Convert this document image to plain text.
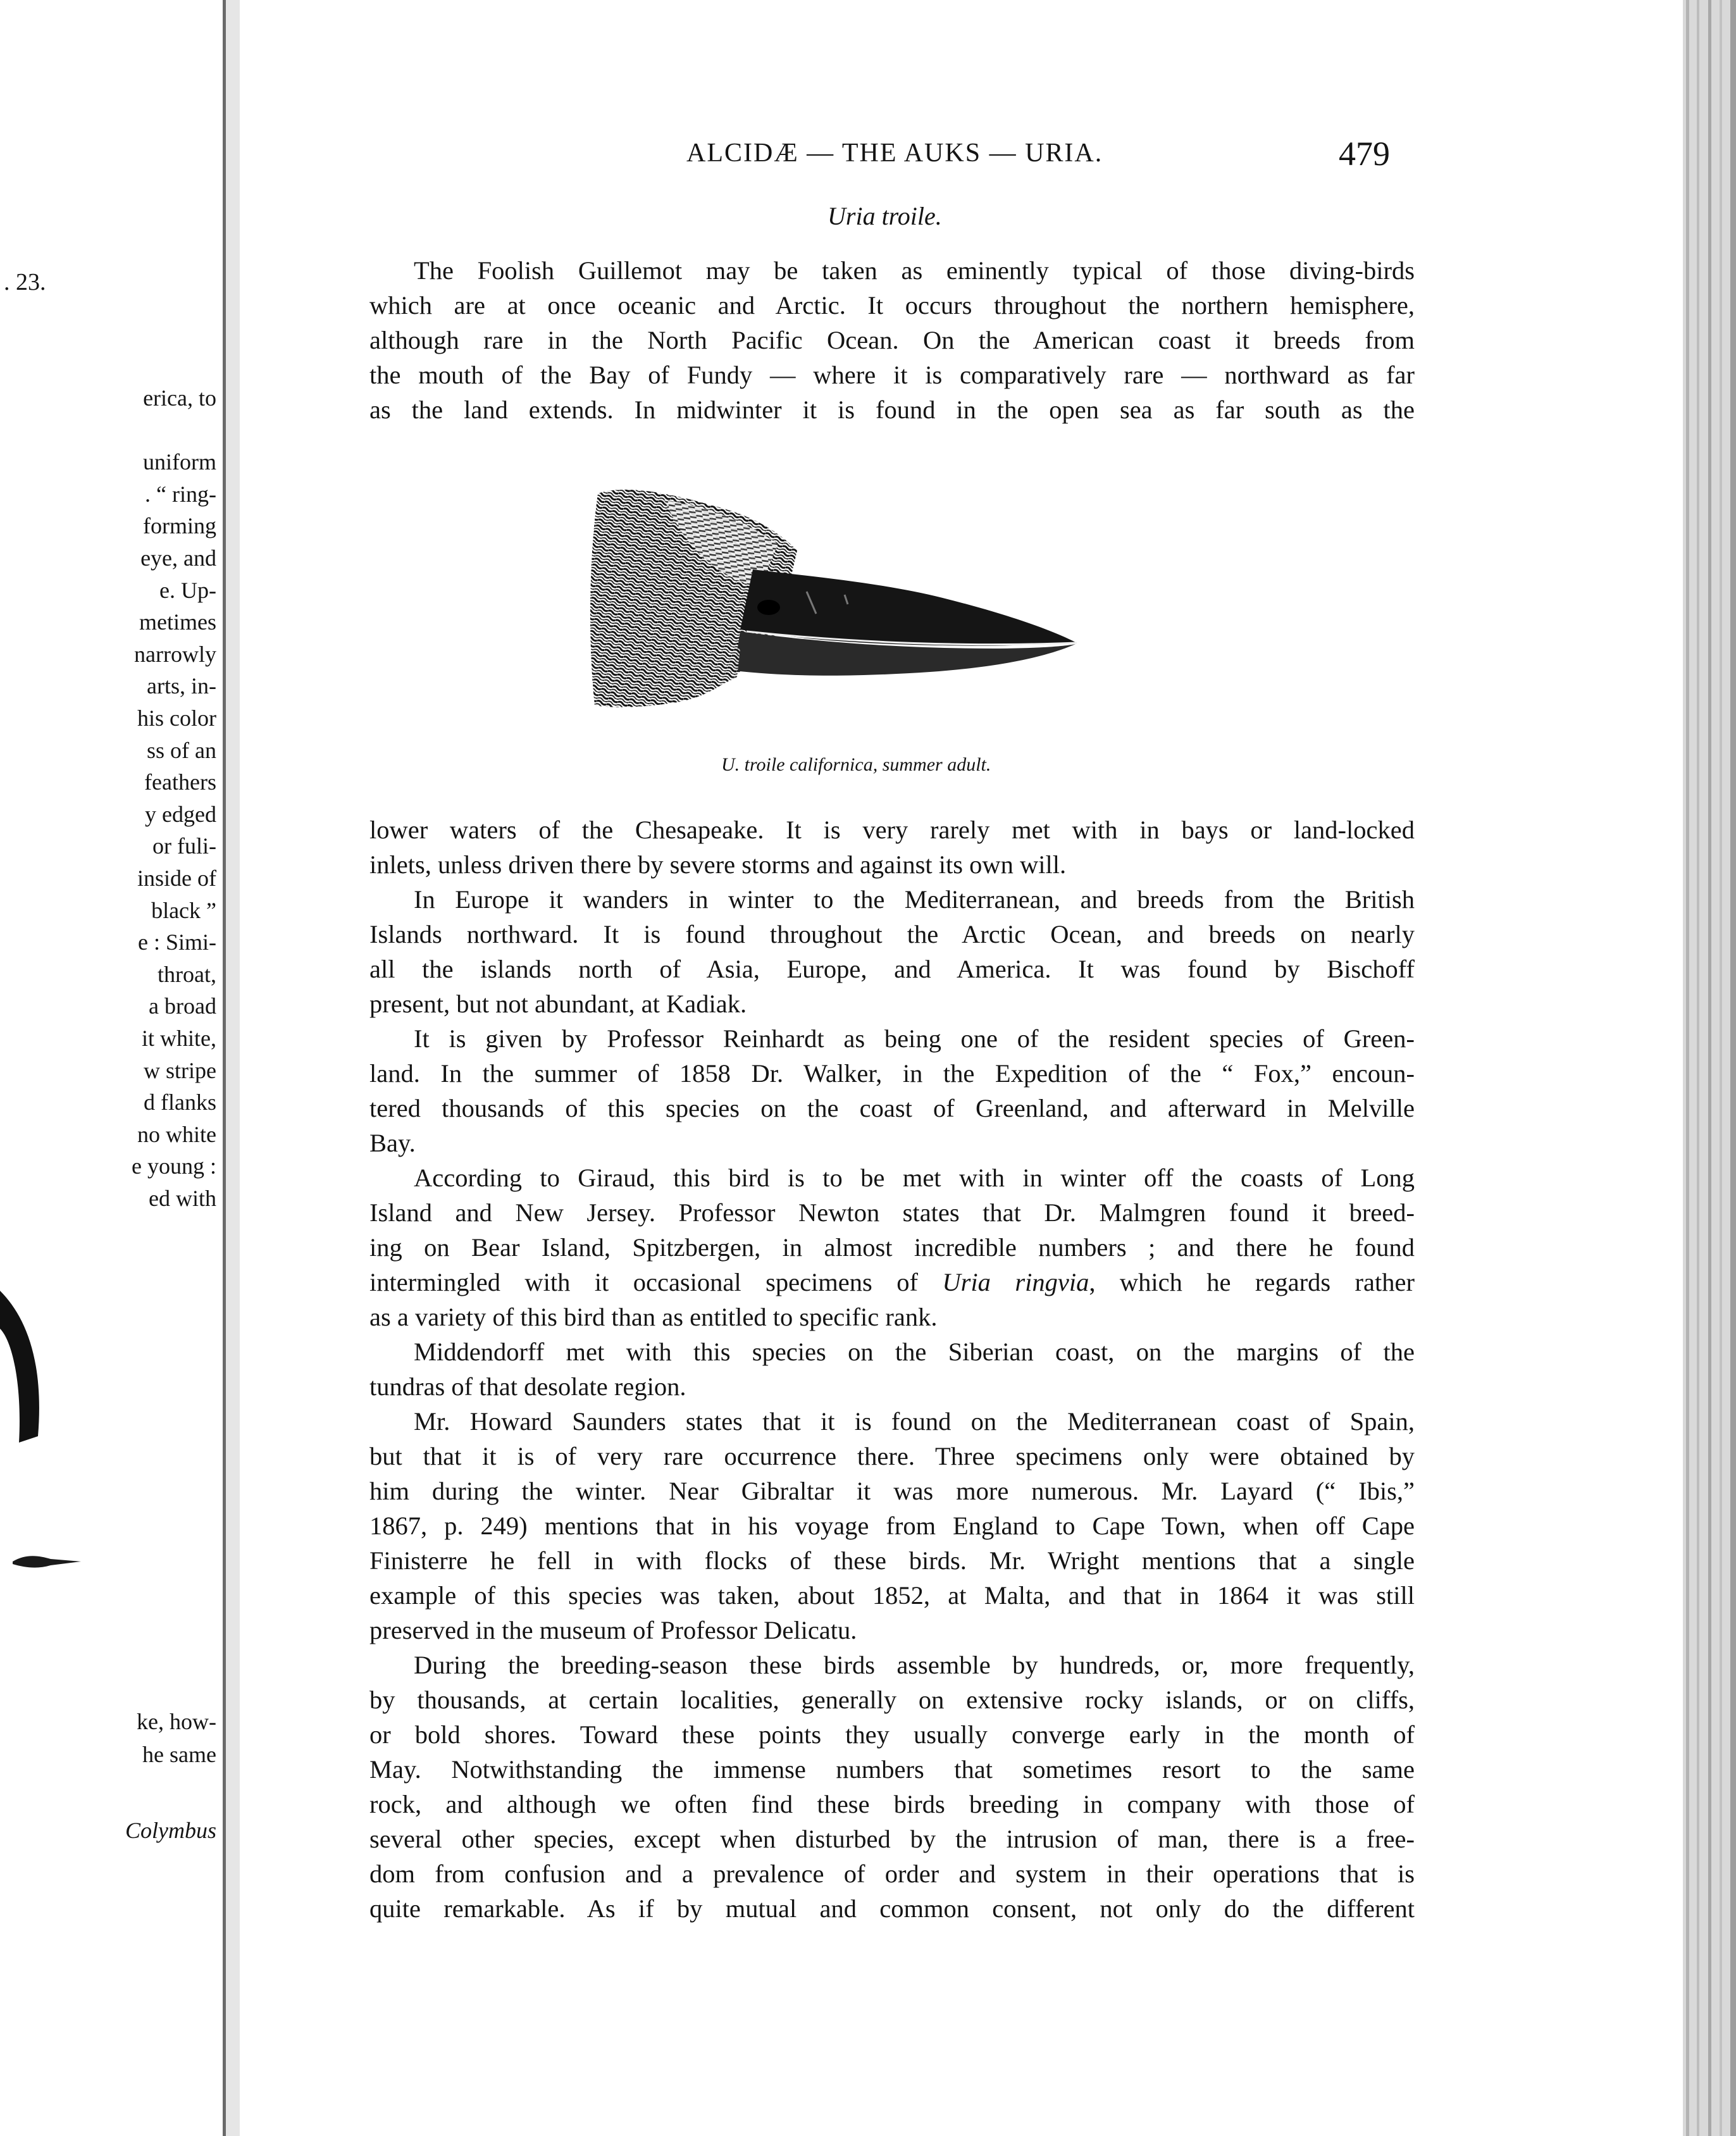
. 23.
erica, to
uniform
. “ ring-
forming
eye, and
e. Up-
metimes
narrowly
arts, in-
his color
ss of an
feathers
y edged
or fuli-
inside of
black ”
e : Simi-
throat,
a broad
it white,
w stripe
d flanks
no white
e young :
ed with
ke, how-
he same
Colymbus
ALCIDÆ — THE AUKS — URIA.	479
Uria troile.
The Foolish Guillemot may be taken as eminently typical of those diving-birds
which are at once oceanic and Arctic. It occurs throughout the northern hemisphere,
although rare in the North Pacific Ocean. On the American coast it breeds from
the mouth of the Bay of Fundy — where it is comparatively rare — northward as far
as the land extends. In midwinter it is found in the open sea as far south as the
U. troile californica, summer adult.
lower waters of the Chesapeake. It is very rarely met with in bays or land-locked
inlets, unless driven there by severe storms and against its own will.
In Europe it wanders in winter to the Mediterranean, and breeds from the British
Islands northward. It is found throughout the Arctic Ocean, and breeds on nearly
all the islands north of Asia, Europe, and America. It was found by Bischoff
present, but not abundant, at Kadiak.
It is given by Professor Reinhardt as being one of the resident species of Green-
land. In the summer of 1858 Dr. Walker, in the Expedition of the “ Fox,” encoun-
tered thousands of this species on the coast of Greenland, and afterward in Melville
Bay.
According to Giraud, this bird is to be met with in winter off the coasts of Long
Island and New Jersey. Professor Newton states that Dr. Malmgren found it breed-
ing on Bear Island, Spitzbergen, in almost incredible numbers ; and there he found
intermingled with it occasional specimens of Uria ringvia, which he regards rather
as a variety of this bird than as entitled to specific rank.
Middendorff met with this species on the Siberian coast, on the margins of the
tundras of that desolate region.
Mr. Howard Saunders states that it is found on the Mediterranean coast of Spain,
but that it is of very rare occurrence there. Three specimens only were obtained by
him during the winter. Near Gibraltar it was more numerous. Mr. Layard (“ Ibis,”
1867, p. 249) mentions that in his voyage from England to Cape Town, when off Cape
Finisterre he fell in with flocks of these birds. Mr. Wright mentions that a single
example of this species was taken, about 1852, at Malta, and that in 1864 it was still
preserved in the museum of Professor Delicatu.
During the breeding-season these birds assemble by hundreds, or, more frequently,
by thousands, at certain localities, generally on extensive rocky islands, or on cliffs,
or bold shores. Toward these points they usually converge early in the month of
May. Notwithstanding the immense numbers that sometimes resort to the same
rock, and although we often find these birds breeding in company with those of
several other species, except when disturbed by the intrusion of man, there is a free-
dom from confusion and a prevalence of order and system in their operations that is
quite remarkable. As if by mutual and common consent, not only do the different
